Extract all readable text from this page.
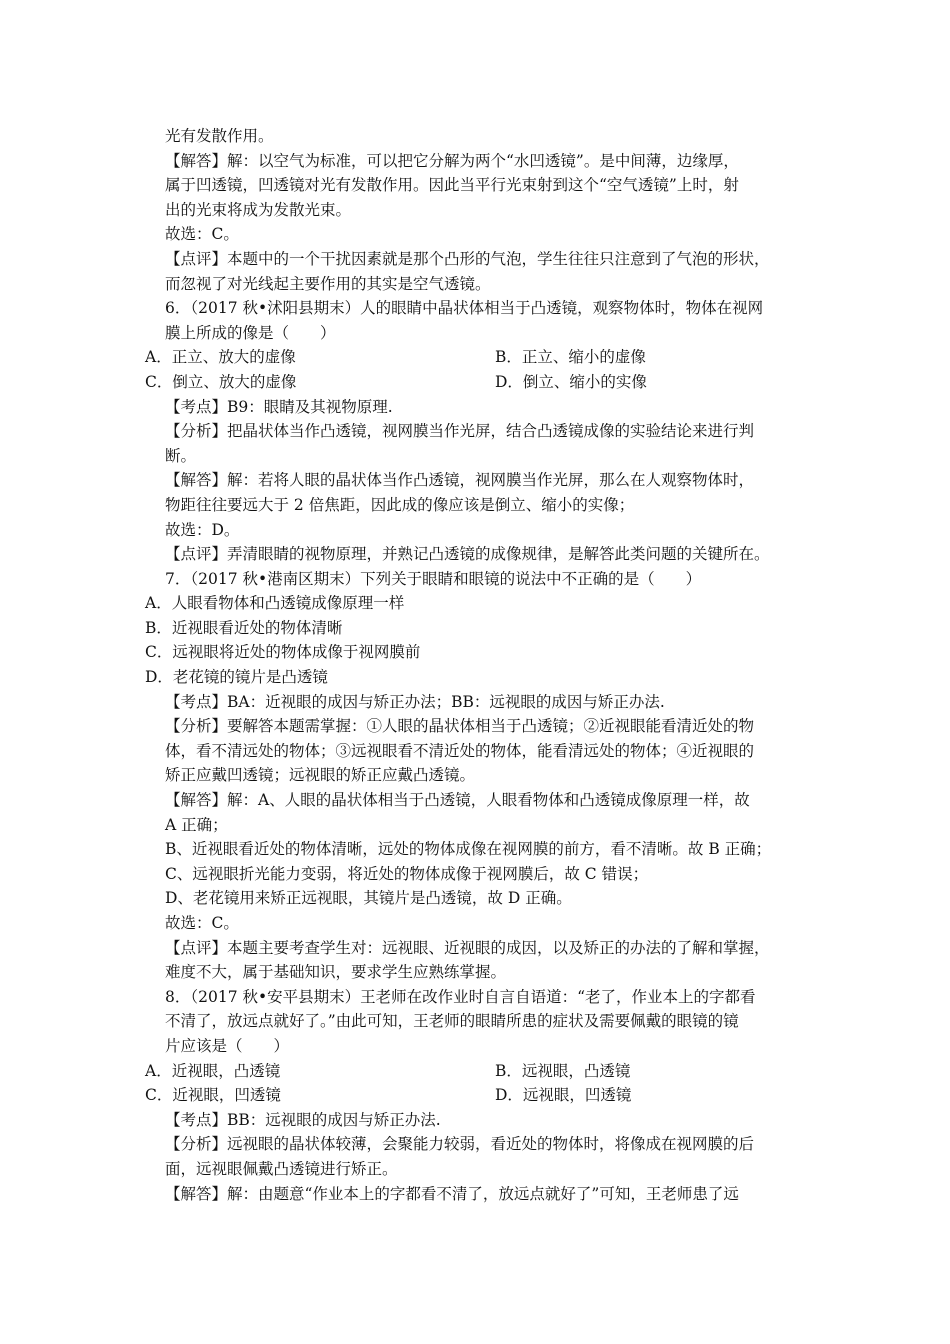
光有发散作用。
【解答】解：以空气为标准，可以把它分解为两个“水凹透镜”。是中间薄，边缘厚，
属于凹透镜，凹透镜对光有发散作用。因此当平行光束射到这个“空气透镜”上时，射
出的光束将成为发散光束。
故选：C。
【点评】本题中的一个干扰因素就是那个凸形的气泡，学生往往只注意到了气泡的形状，
而忽视了对光线起主要作用的其实是空气透镜。
6．（2017 秋•沭阳县期末）人的眼睛中晶状体相当于凸透镜，观察物体时，物体在视网
膜上所成的像是（　　）
A．正立、放大的虚像	B．正立、缩小的虚像
C．倒立、放大的虚像	D．倒立、缩小的实像
【考点】B9：眼睛及其视物原理.
【分析】把晶状体当作凸透镜，视网膜当作光屏，结合凸透镜成像的实验结论来进行判
断。
【解答】解：若将人眼的晶状体当作凸透镜，视网膜当作光屏，那么在人观察物体时，
物距往往要远大于 2 倍焦距，因此成的像应该是倒立、缩小的实像；
故选：D。
【点评】弄清眼睛的视物原理，并熟记凸透镜的成像规律，是解答此类问题的关键所在。
7．（2017 秋•港南区期末）下列关于眼睛和眼镜的说法中不正确的是（　　）
A．人眼看物体和凸透镜成像原理一样
B．近视眼看近处的物体清晰
C．远视眼将近处的物体成像于视网膜前
D．老花镜的镜片是凸透镜
【考点】BA：近视眼的成因与矫正办法；BB：远视眼的成因与矫正办法.
【分析】要解答本题需掌握：①人眼的晶状体相当于凸透镜；②近视眼能看清近处的物
体，看不清远处的物体；③远视眼看不清近处的物体，能看清远处的物体；④近视眼的
矫正应戴凹透镜；远视眼的矫正应戴凸透镜。
【解答】解：A、人眼的晶状体相当于凸透镜，人眼看物体和凸透镜成像原理一样，故
A 正确；
B、近视眼看近处的物体清晰，远处的物体成像在视网膜的前方，看不清晰。故 B 正确；
C、远视眼折光能力变弱，将近处的物体成像于视网膜后，故 C 错误；
D、老花镜用来矫正远视眼，其镜片是凸透镜，故 D 正确。
故选：C。
【点评】本题主要考查学生对：远视眼、近视眼的成因，以及矫正的办法的了解和掌握，
难度不大，属于基础知识，要求学生应熟练掌握。
8．（2017 秋•安平县期末）王老师在改作业时自言自语道：“老了，作业本上的字都看
不清了，放远点就好了。”由此可知，王老师的眼睛所患的症状及需要佩戴的眼镜的镜
片应该是（　　）
A．近视眼，凸透镜	B．远视眼，凸透镜
C．近视眼，凹透镜	D．远视眼，凹透镜
【考点】BB：远视眼的成因与矫正办法.
【分析】远视眼的晶状体较薄，会聚能力较弱，看近处的物体时，将像成在视网膜的后
面，远视眼佩戴凸透镜进行矫正。
【解答】解：由题意“作业本上的字都看不清了，放远点就好了”可知，王老师患了远
